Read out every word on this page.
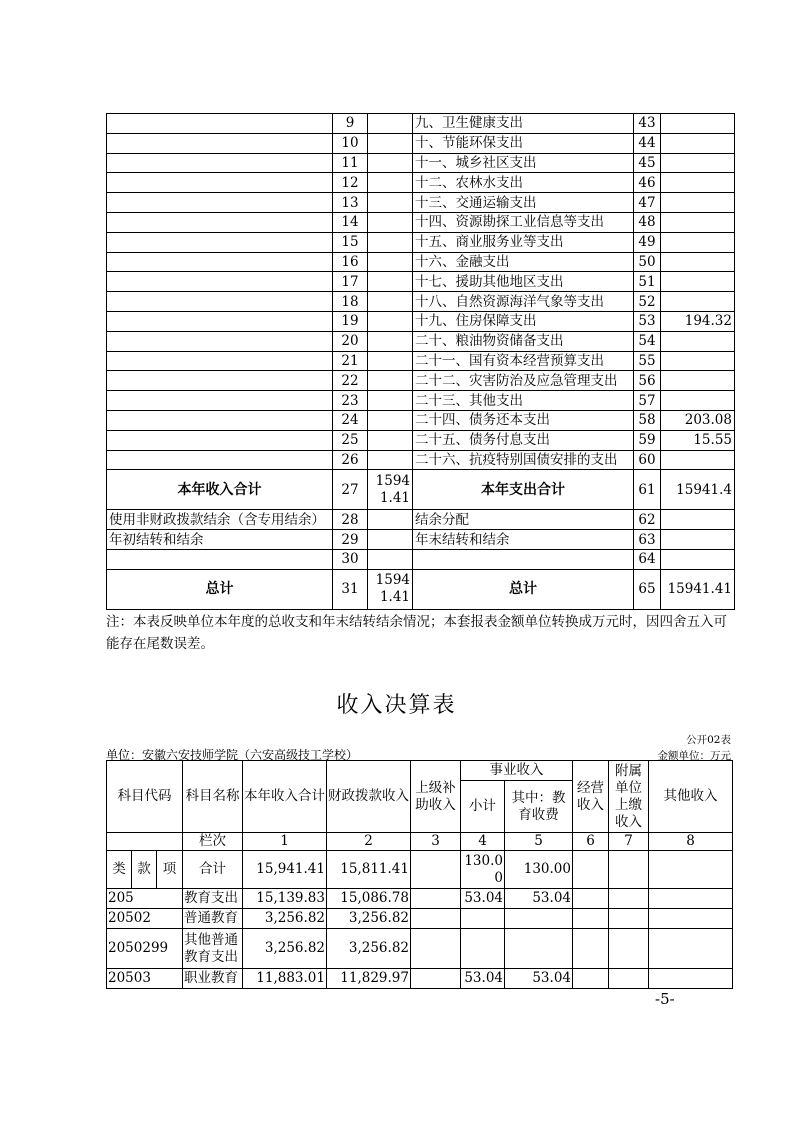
	9		九、卫生健康支出	43	
	10		十、节能环保支出	44	
	11		十一、城乡社区支出	45	
	12		十二、农林水支出	46	
	13		十三、交通运输支出	47	
	14		十四、资源勘探工业信息等支出	48	
	15		十五、商业服务业等支出	49	
	16		十六、金融支出	50	
	17		十七、援助其他地区支出	51	
	18		十八、自然资源海洋气象等支出	52	
	19		十九、住房保障支出	53	194.32
	20		二十、粮油物资储备支出	54	
	21		二十一、国有资本经营预算支出	55	
	22		二十二、灾害防治及应急管理支出	56	
	23		二十三、其他支出	57	
	24		二十四、债务还本支出	58	203.08
	25		二十五、债务付息支出	59	15.55
	26		二十六、抗疫特别国债安排的支出	60	
本年收入合计	27	15941.41	本年支出合计	61	15941.4
使用非财政拨款结余（含专用结余）	28		结余分配	62	
年初结转和结余	29		年末结转和结余	63	
	30			64	
总计	31	15941.41	总计	65	15941.41
注：本表反映单位本年度的总收支和年末结转结余情况；本套报表金额单位转换成万元时，因四舍五入可能存在尾数误差。
收入决算表
公开02表
单位：安徽六安技师学院（六安高级技工学校）	金额单位：万元
科目代码			科目名称	本年收入合计	财政拨款收入	上级补助收入	事业收入		经营收入	附属单位上缴收入	其他收入
							小计	其中：教育收费			

			栏次	1	2	3	4	5	6	7	8
类	款	项	合计	15,941.41	15,811.41		130.00	130.00			
205			教育支出	15,139.83	15,086.78		53.04	53.04			
20502			普通教育	3,256.82	3,256.82						
2050299			其他普通教育支出	3,256.82	3,256.82						
20503			职业教育	11,883.01	11,829.97		53.04	53.04			
-5-
